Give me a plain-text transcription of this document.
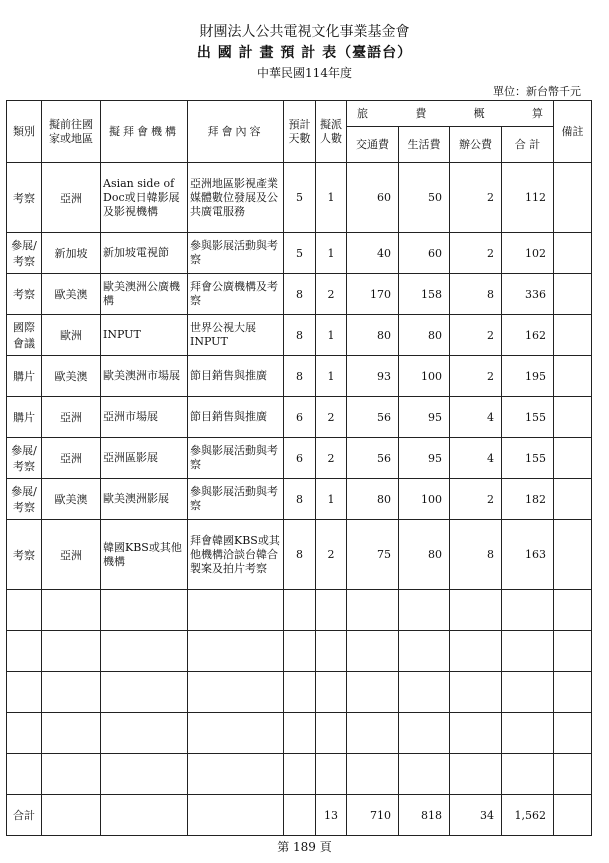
財團法人公共電視文化事業基金會
出 國 計 畫 預 計 表（臺語台）
中華民國114年度
單位：新台幣千元
類別	擬前往國家或地區	擬拜會機構	拜會內容	預計天數	擬派人數	旅 費 概 算				備註
						交通費	生活費	辦公費	合 計	
考察	亞洲	Asian side of Doc或日韓影展及影視機構	亞洲地區影視產業媒體數位發展及公共廣電服務	5	1	60	50	2	112	
參展/考察	新加坡	新加坡電視節	參與影展活動與考察	5	1	40	60	2	102	
考察	歐美澳	歐美澳洲公廣機構	拜會公廣機構及考察	8	2	170	158	8	336	
國際會議	歐洲	INPUT	世界公視大展INPUT	8	1	80	80	2	162	
購片	歐美澳	歐美澳洲市場展	節目銷售與推廣	8	1	93	100	2	195	
購片	亞洲	亞洲市場展	節目銷售與推廣	6	2	56	95	4	155	
參展/考察	亞洲	亞洲區影展	參與影展活動與考察	6	2	56	95	4	155	
參展/考察	歐美澳	歐美澳洲影展	參與影展活動與考察	8	1	80	100	2	182	
考察	亞洲	韓國KBS或其他機構	拜會韓國KBS或其他機構洽談台韓合製案及拍片考察	8	2	75	80	8	163	

合計					13	710	818	34	1,562	
第 189 頁
